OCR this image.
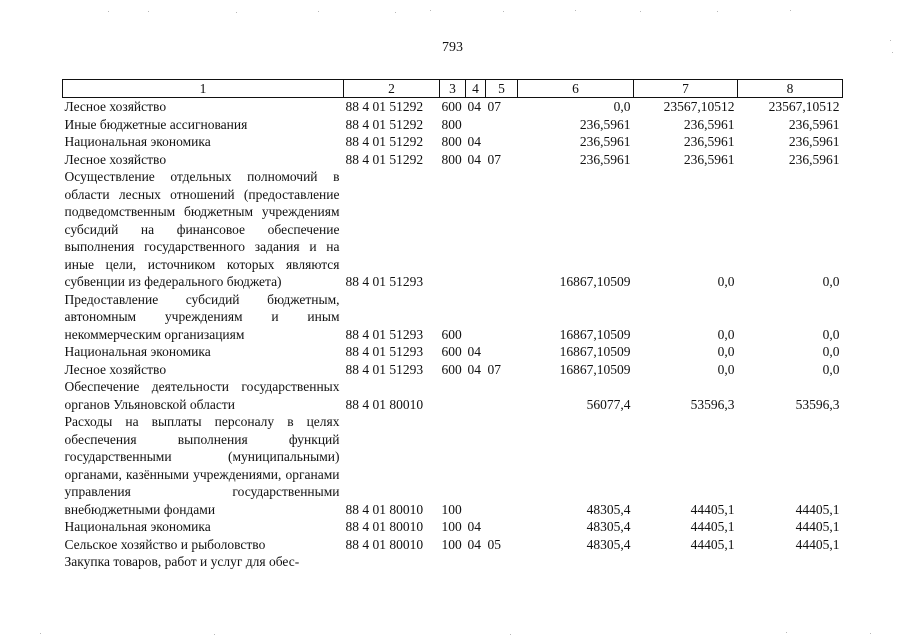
793
1	2	3	4	5	6	7	8
Лесное хозяйство	88 4 01 51292	600	04	07	0,0	23567,10512	23567,10512
Иные бюджетные ассигнования	88 4 01 51292	800			236,5961	236,5961	236,5961
Национальная экономика	88 4 01 51292	800	04		236,5961	236,5961	236,5961
Лесное хозяйство	88 4 01 51292	800	04	07	236,5961	236,5961	236,5961
Осуществление отдельных полномочий в области лесных отношений (предоставление подведомственным бюджетным учреждениям субсидий на финансовое обеспечение выполнения государственного задания и на иные цели, источником которых являются субвенции из федерального бюджета)	88 4 01 51293				16867,10509	0,0	0,0
Предоставление субсидий бюджетным, автономным учреждениям и иным некоммерческим организациям	88 4 01 51293	600			16867,10509	0,0	0,0
Национальная экономика	88 4 01 51293	600	04		16867,10509	0,0	0,0
Лесное хозяйство	88 4 01 51293	600	04	07	16867,10509	0,0	0,0
Обеспечение деятельности государственных органов Ульяновской области	88 4 01 80010				56077,4	53596,3	53596,3
Расходы на выплаты персоналу в целях обеспечения выполнения функций государственными (муниципальными) органами, казёнными учреждениями, органами управления государственными внебюджетными фондами	88 4 01 80010	100			48305,4	44405,1	44405,1
Национальная экономика	88 4 01 80010	100	04		48305,4	44405,1	44405,1
Сельское хозяйство и рыболовство	88 4 01 80010	100	04	05	48305,4	44405,1	44405,1
Закупка товаров, работ и услуг для обес-							
